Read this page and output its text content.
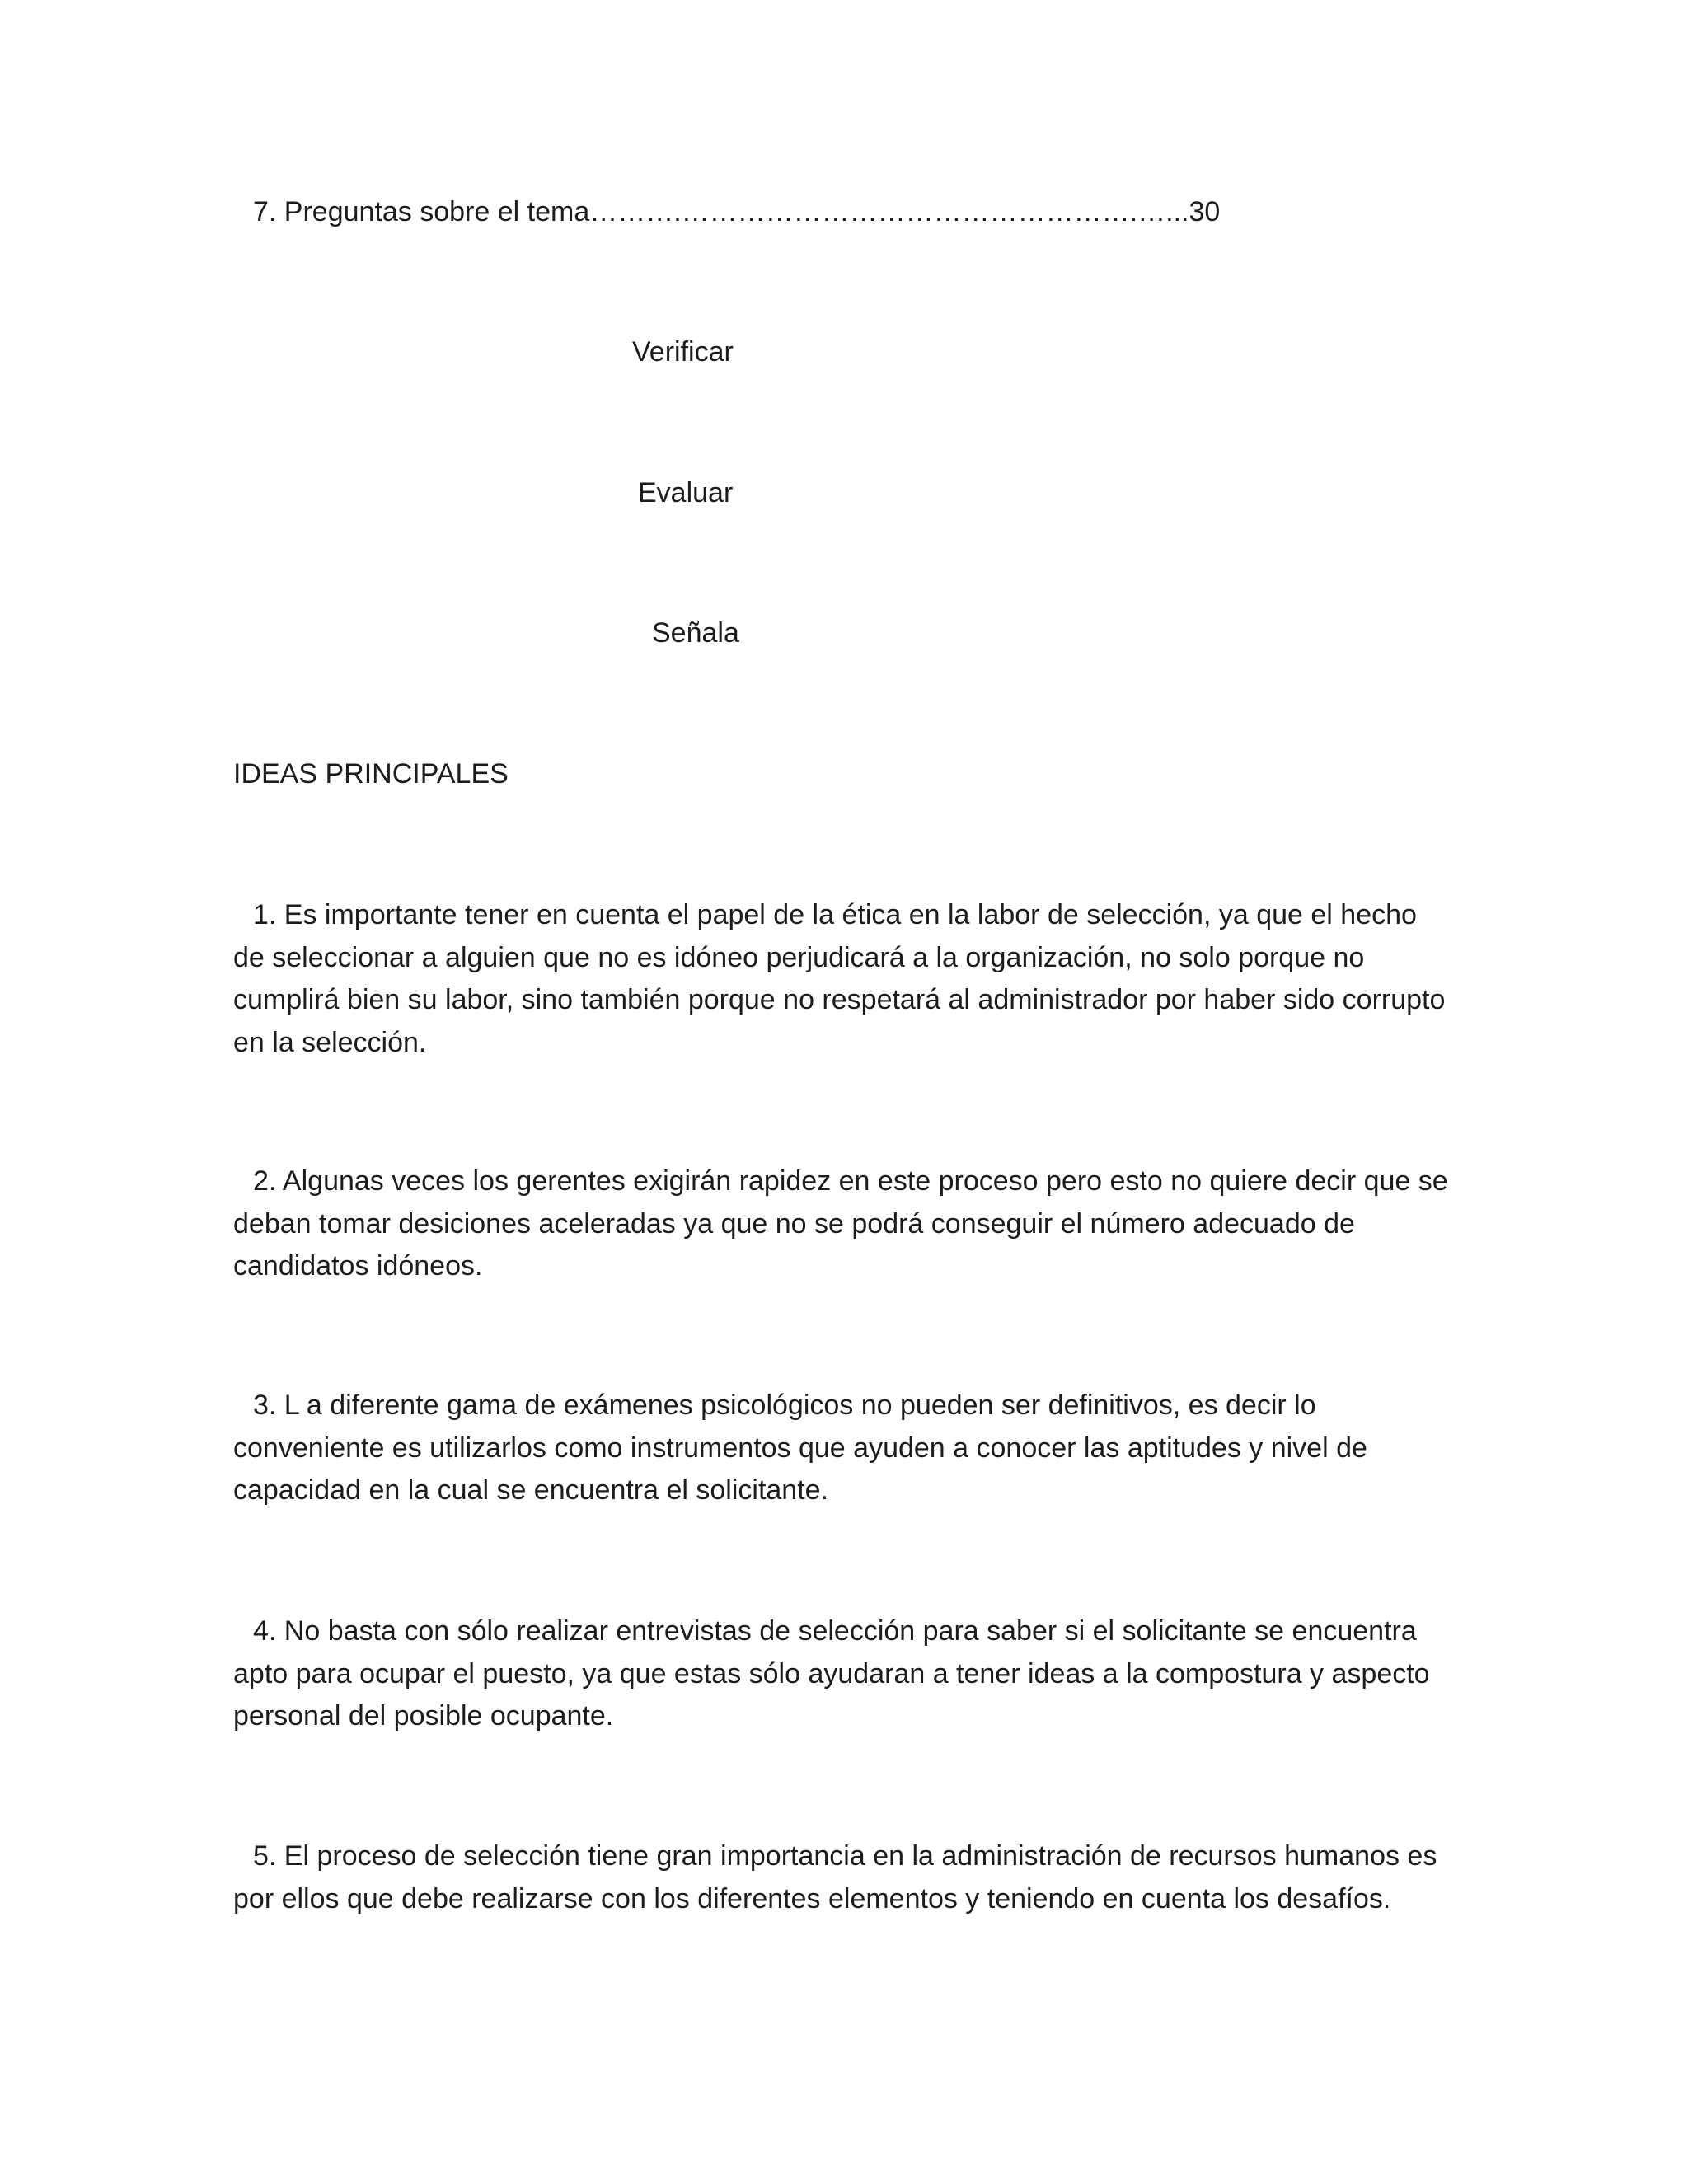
7. Preguntas sobre el tema……….………………………………………….…...30
Verificar
Evaluar
Señala
IDEAS PRINCIPALES

1. Es importante tener en cuenta el papel de la ética en la labor de selección, ya que el hecho de seleccionar a alguien que no es idóneo perjudicará a la organización, no solo porque no cumplirá bien su labor, sino también porque no respetará al administrador por haber sido corrupto en la selección.

2. Algunas veces los gerentes exigirán rapidez en este proceso pero esto no quiere decir que se deban tomar desiciones aceleradas ya que no se podrá conseguir el número adecuado de candidatos idóneos.

3. L a diferente gama de exámenes psicológicos no pueden ser definitivos, es decir lo conveniente es utilizarlos como instrumentos que ayuden a conocer las aptitudes y nivel de capacidad en la cual se encuentra el solicitante.

4. No basta con sólo realizar entrevistas de selección para saber si el solicitante se encuentra apto para ocupar el puesto, ya que estas sólo ayudaran a tener ideas a la compostura y aspecto personal del posible ocupante.

5. El proceso de selección tiene gran importancia en la administración de recursos humanos es por ellos que debe realizarse con los diferentes elementos y teniendo en cuenta los desafíos.
